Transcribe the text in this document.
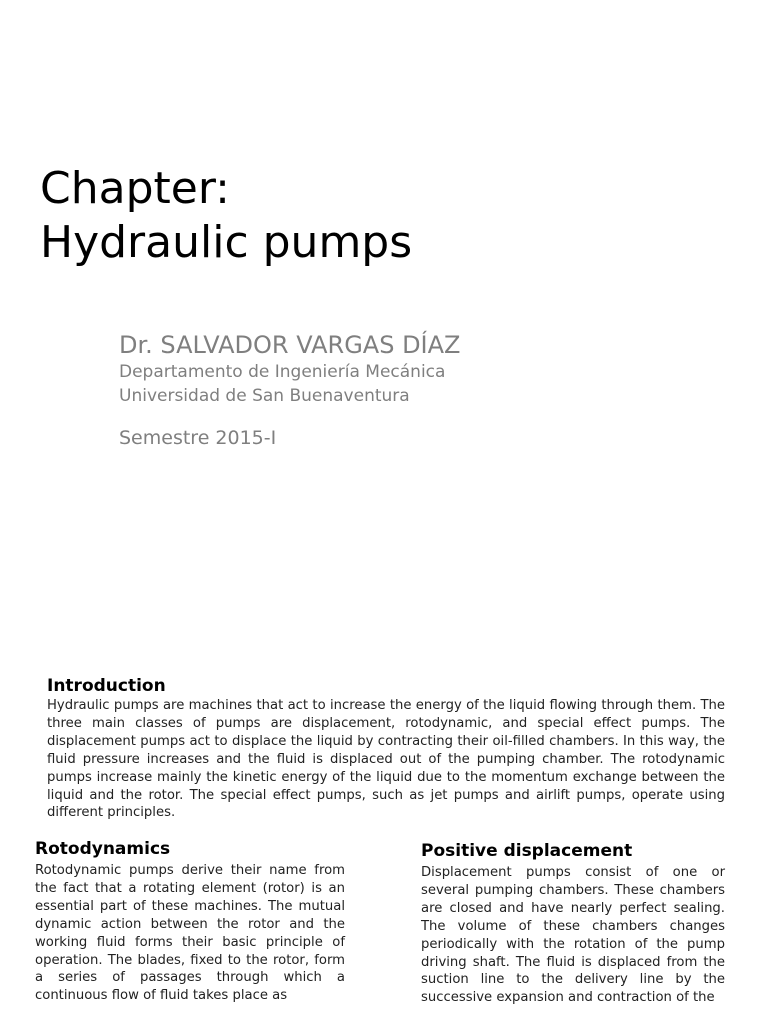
Chapter:
Hydraulic pumps

Dr. SALVADOR VARGAS DÍAZ

Departamento de Ingeniería Mecánica

Universidad de San Buenaventura

Semestre 2015-I

Introduction

Hydraulic pumps are machines that act to increase the energy of the liquid flowing through them. The three main classes of pumps are displacement, rotodynamic, and special effect pumps. The displacement pumps act to displace the liquid by contracting their oil-filled chambers. In this way, the fluid pressure increases and the fluid is displaced out of the pumping chamber. The rotodynamic pumps increase mainly the kinetic energy of the liquid due to the momentum exchange between the liquid and the rotor. The special effect pumps, such as jet pumps and airlift pumps, operate using different principles.

Rotodynamics

Rotodynamic pumps derive their name from the fact that a rotating element (rotor) is an essential part of these machines. The mutual dynamic action between the rotor and the working fluid forms their basic principle of operation. The blades, fixed to the rotor, form a series of passages through which a continuous flow of fluid takes place as

Positive displacement

Displacement pumps consist of one or several pumping chambers. These chambers are closed and have nearly perfect sealing. The volume of these chambers changes periodically with the rotation of the pump driving shaft. The fluid is displaced from the suction line to the delivery line by the successive expansion and contraction of the
